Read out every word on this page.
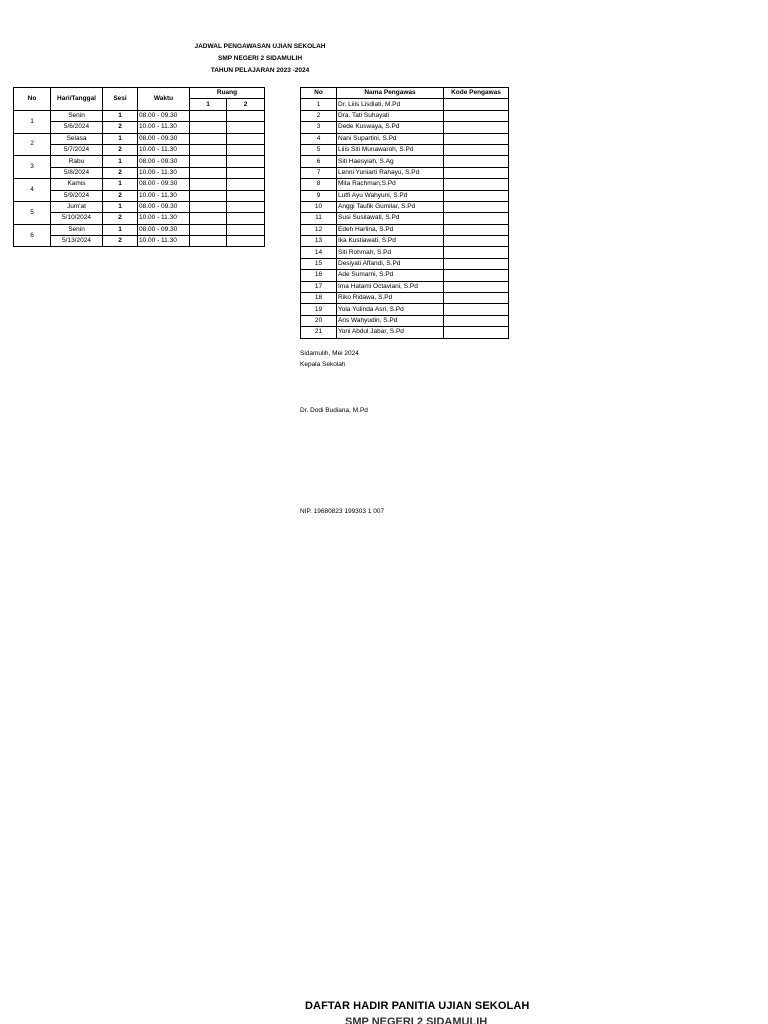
JADWAL PENGAWASAN UJIAN SEKOLAH
SMP NEGERI 2 SIDAMULIH
TAHUN PELAJARAN 2023 -2024
No	Hari/Tanggal	Sesi	Waktu	Ruang	
				1	2
1	Senin	1	08.00 - 09.30		
	5/6/2024	2	10.00 - 11.30		
2	Selasa	1	08.00 - 09.30		
	5/7/2024	2	10.00 - 11.30		
3	Rabu	1	08.00 - 09.30		
	5/8/2024	2	10.00 - 11.30		
4	Kamis	1	08.00 - 09.30		
	5/9/2024	2	10.00 - 11.30		
5	Jum'at	1	08.00 - 09.30		
	5/10/2024	2	10.00 - 11.30		
6	Senin	1	08.00 - 09.30		
	5/13/2024	2	10.00 - 11.30		
No	Nama Pengawas	Kode Pengawas
1	Dr. Liiis Lisdiati, M.Pd	
2	Dra. Tati Suhayati	
3	Dede Kuswaya, S.Pd	
4	Nani Supartini, S.Pd	
5	Liiis Siti Munawaroh, S.Pd	
6	Siti Haesyiah, S.Ag	
7	Lenni Yuniarti Rahayu, S.Pd	
8	Mita Rachman,S.Pd	
9	Lutfi Ayu Wahyuni, S.Pd	
10	Anggi Taufik Gumilar, S.Pd	
11	Susi Susilawati, S.Pd	
12	Edeh Harlina, S.Pd	
13	Ika Kustiawati, S.Pd	
14	Siti Rohmah, S.Pd	
15	Desiyati Affandi, S.Pd	
16	Ade Sumarni, S.Pd	
17	Ima Hatami Octaviani, S.Pd	
18	Riko Ridawa, S.Pd	
19	Yola Yulinda Asri, S.Pd	
20	Aris Wahyudin, S.Pd	
21	Yoni Abdul Jabar, S.Pd	
Sidamulih, Mei 2024
Kepala Sekolah
Dr. Dodi Budiana, M.Pd
NIP. 19680823 199303 1 007
DAFTAR HADIR PANITIA UJIAN SEKOLAH
SMP NEGERI 2 SIDAMULIH
